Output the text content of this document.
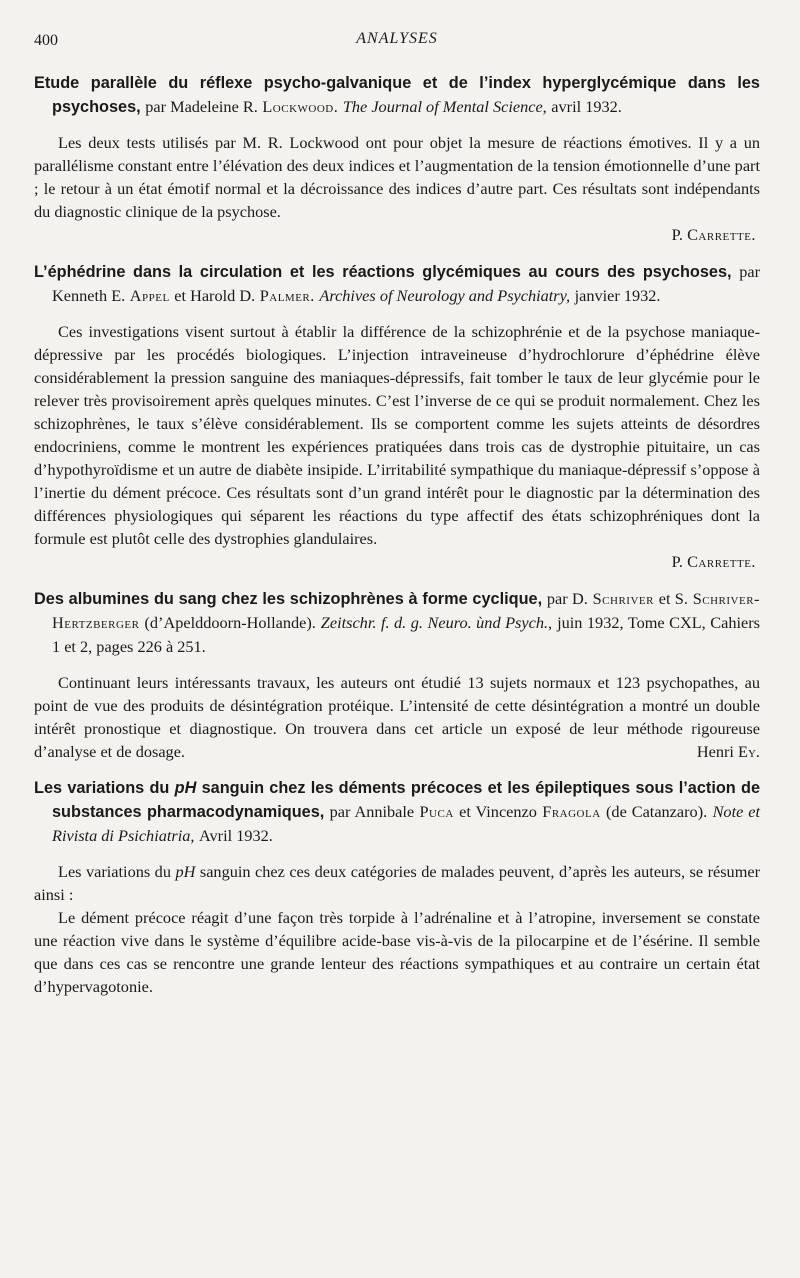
400	ANALYSES

Etude parallèle du réflexe psycho-galvanique et de l’index hyperglycémique dans les psychoses, par Madeleine R. Lockwood. The Journal of Mental Science, avril 1932.

Les deux tests utilisés par M. R. Lockwood ont pour objet la mesure de réactions émotives. Il y a un parallélisme constant entre l’élévation des deux indices et l’augmentation de la tension émotionnelle d’une part ; le retour à un état émotif normal et la décroissance des indices d’autre part. Ces résultats sont indépendants du diagnostic clinique de la psychose.

P. Carrette.

L’éphédrine dans la circulation et les réactions glycémiques au cours des psychoses, par Kenneth E. Appel et Harold D. Palmer. Archives of Neurology and Psychiatry, janvier 1932.

Ces investigations visent surtout à établir la différence de la schizophrénie et de la psychose maniaque-dépressive par les procédés biologiques. L’injection intraveineuse d’hydrochlorure d’éphédrine élève considérablement la pression sanguine des maniaques-dépressifs, fait tomber le taux de leur glycémie pour le relever très provisoirement après quelques minutes. C’est l’inverse de ce qui se produit normalement. Chez les schizophrènes, le taux s’élève considérablement. Ils se comportent comme les sujets atteints de désordres endocriniens, comme le montrent les expériences pratiquées dans trois cas de dystrophie pituitaire, un cas d’hypothyroïdisme et un autre de diabète insipide. L’irritabilité sympathique du maniaque-dépressif s’oppose à l’inertie du dément précoce. Ces résultats sont d’un grand intérêt pour le diagnostic par la détermination des différences physiologiques qui séparent les réactions du type affectif des états schizophréniques dont la formule est plutôt celle des dystrophies glandulaires.

P. Carrette.

Des albumines du sang chez les schizophrènes à forme cyclique, par D. Schriver et S. Schriver-Hertzberger (d’Apelddoorn-Hollande). Zeitschr. f. d. g. Neuro. ùnd Psych., juin 1932, Tome CXL, Cahiers 1 et 2, pages 226 à 251.

Continuant leurs intéressants travaux, les auteurs ont étudié 13 sujets normaux et 123 psychopathes, au point de vue des produits de désintégration protéique. L’intensité de cette désintégration a montré un double intérêt pronostique et diagnostique. On trouvera dans cet article un exposé de leur méthode rigoureuse d’analyse et de dosage.	Henri Ey.

Les variations du pH sanguin chez les déments précoces et les épileptiques sous l’action de substances pharmacodynamiques, par Annibale Puca et Vincenzo Fragola (de Catanzaro). Note et Rivista di Psichiatria, Avril 1932.

Les variations du pH sanguin chez ces deux catégories de malades peuvent, d’après les auteurs, se résumer ainsi :

Le dément précoce réagit d’une façon très torpide à l’adrénaline et à l’atropine, inversement se constate une réaction vive dans le système d’équilibre acide-base vis-à-vis de la pilocarpine et de l’ésérine. Il semble que dans ces cas se rencontre une grande lenteur des réactions sympathiques et au contraire un certain état d’hypervagotonie.
